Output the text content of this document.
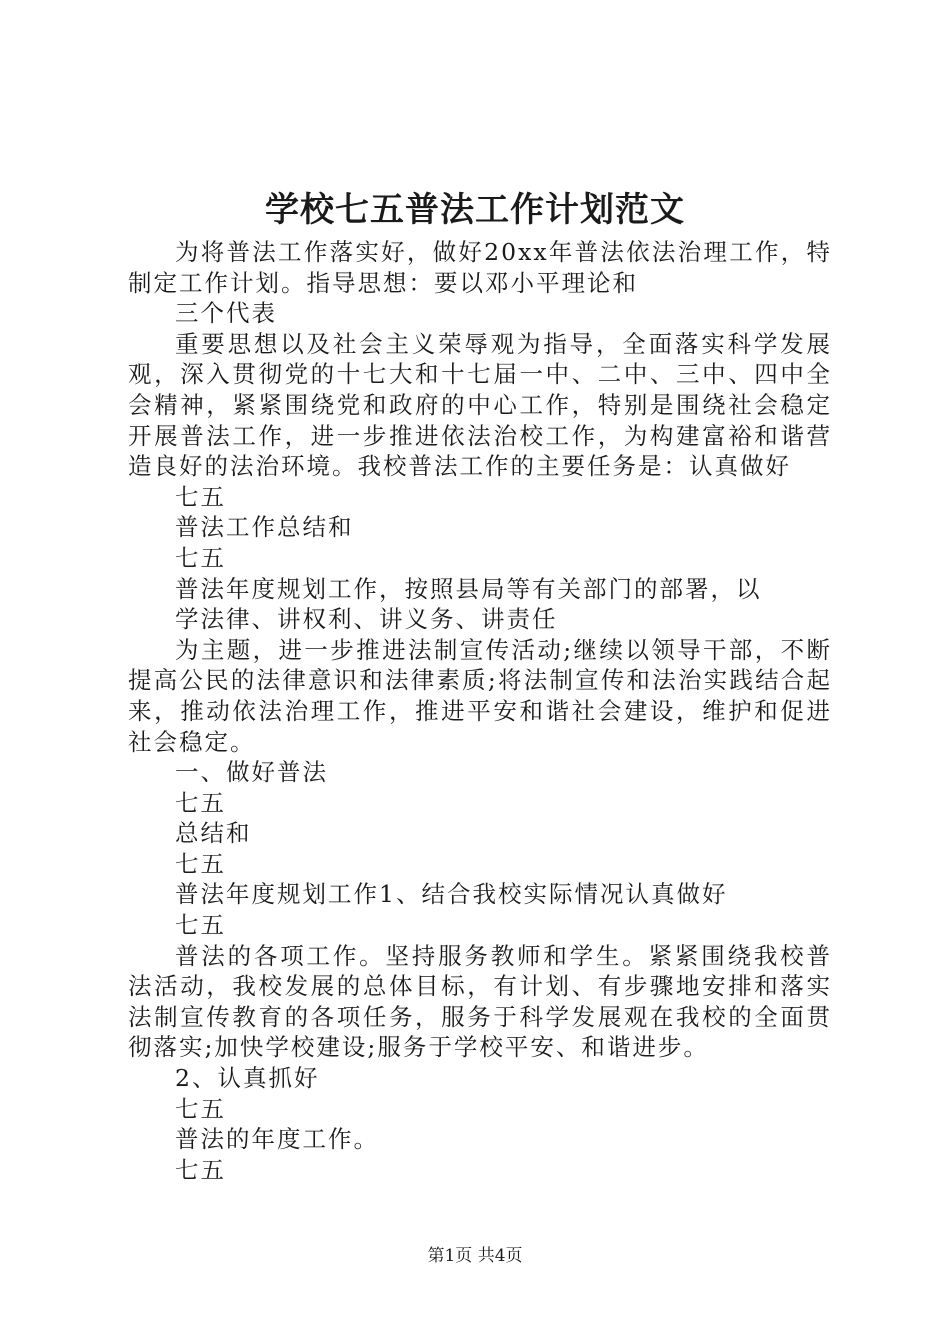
学校七五普法工作计划范文

为将普法工作落实好，做好20xx年普法依法治理工作，特制定工作计划。指导思想：要以邓小平理论和

三个代表

重要思想以及社会主义荣辱观为指导，全面落实科学发展观，深入贯彻党的十七大和十七届一中、二中、三中、四中全会精神，紧紧围绕党和政府的中心工作，特别是围绕社会稳定开展普法工作，进一步推进依法治校工作，为构建富裕和谐营造良好的法治环境。我校普法工作的主要任务是：认真做好

七五

普法工作总结和

七五

普法年度规划工作，按照县局等有关部门的部署，以

学法律、讲权利、讲义务、讲责任

为主题，进一步推进法制宣传活动;继续以领导干部，不断提高公民的法律意识和法律素质;将法制宣传和法治实践结合起来，推动依法治理工作，推进平安和谐社会建设，维护和促进社会稳定。

一、做好普法

七五

总结和

七五

普法年度规划工作1、结合我校实际情况认真做好

七五

普法的各项工作。坚持服务教师和学生。紧紧围绕我校普法活动，我校发展的总体目标，有计划、有步骤地安排和落实法制宣传教育的各项任务，服务于科学发展观在我校的全面贯彻落实;加快学校建设;服务于学校平安、和谐进步。

2、认真抓好

七五

普法的年度工作。

七五

第1页 共4页
